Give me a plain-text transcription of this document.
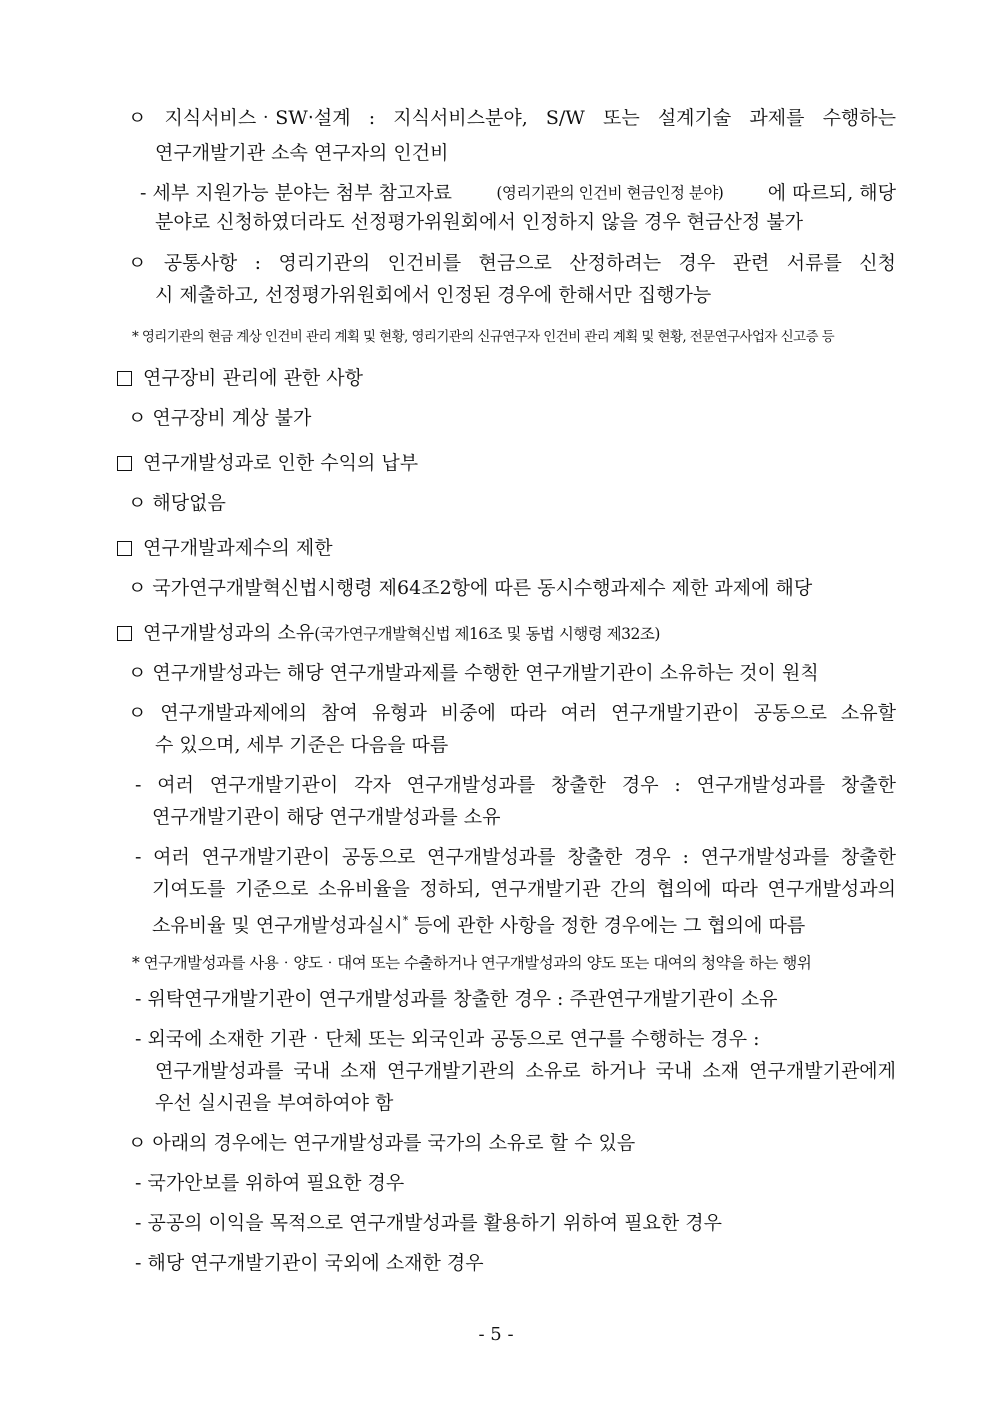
ㅇ 지식서비스‧SW‧설계 : 지식서비스분야, S/W 또는 설계기술 과제를 수행하는
연구개발기관 소속 연구자의 인건비
- 세부 지원가능 분야는 첨부 참고자료	(영리기관의 인건비 현금인정 분야) 에 따르되, 해당
분야로 신청하였더라도 선정평가위원회에서 인정하지 않을 경우 현금산정 불가
ㅇ 공통사항 : 영리기관의 인건비를 현금으로 산정하려는 경우 관련 서류를 신청
시 제출하고, 선정평가위원회에서 인정된 경우에 한해서만 집행가능
* 영리기관의 현금 계상 인건비 관리 계획 및 현황, 영리기관의 신규연구자 인건비 관리 계획 및 현황, 전문연구사업자 신고증 등
연구장비 관리에 관한 사항
ㅇ 연구장비 계상 불가
연구개발성과로 인한 수익의 납부
ㅇ 해당없음
연구개발과제수의 제한
ㅇ 국가연구개발혁신법시행령 제64조2항에 따른 동시수행과제수 제한 과제에 해당
연구개발성과의 소유(국가연구개발혁신법 제16조 및 동법 시행령 제32조)
ㅇ 연구개발성과는 해당 연구개발과제를 수행한 연구개발기관이 소유하는 것이 원칙
ㅇ 연구개발과제에의 참여 유형과 비중에 따라 여러 연구개발기관이 공동으로 소유할
수 있으며, 세부 기준은 다음을 따름
- 여러 연구개발기관이 각자 연구개발성과를 창출한 경우 : 연구개발성과를 창출한
연구개발기관이 해당 연구개발성과를 소유
- 여러 연구개발기관이 공동으로 연구개발성과를 창출한 경우 : 연구개발성과를 창출한
기여도를 기준으로 소유비율을 정하되, 연구개발기관 간의 협의에 따라 연구개발성과의
소유비율 및 연구개발성과실시* 등에 관한 사항을 정한 경우에는 그 협의에 따름
* 연구개발성과를 사용‧양도‧대여 또는 수출하거나 연구개발성과의 양도 또는 대여의 청약을 하는 행위
- 위탁연구개발기관이 연구개발성과를 창출한 경우 : 주관연구개발기관이 소유
- 외국에 소재한 기관‧단체 또는 외국인과 공동으로 연구를 수행하는 경우 :
연구개발성과를 국내 소재 연구개발기관의 소유로 하거나 국내 소재 연구개발기관에게
우선 실시권을 부여하여야 함
ㅇ 아래의 경우에는 연구개발성과를 국가의 소유로 할 수 있음
- 국가안보를 위하여 필요한 경우
- 공공의 이익을 목적으로 연구개발성과를 활용하기 위하여 필요한 경우
- 해당 연구개발기관이 국외에 소재한 경우
- 5 -
